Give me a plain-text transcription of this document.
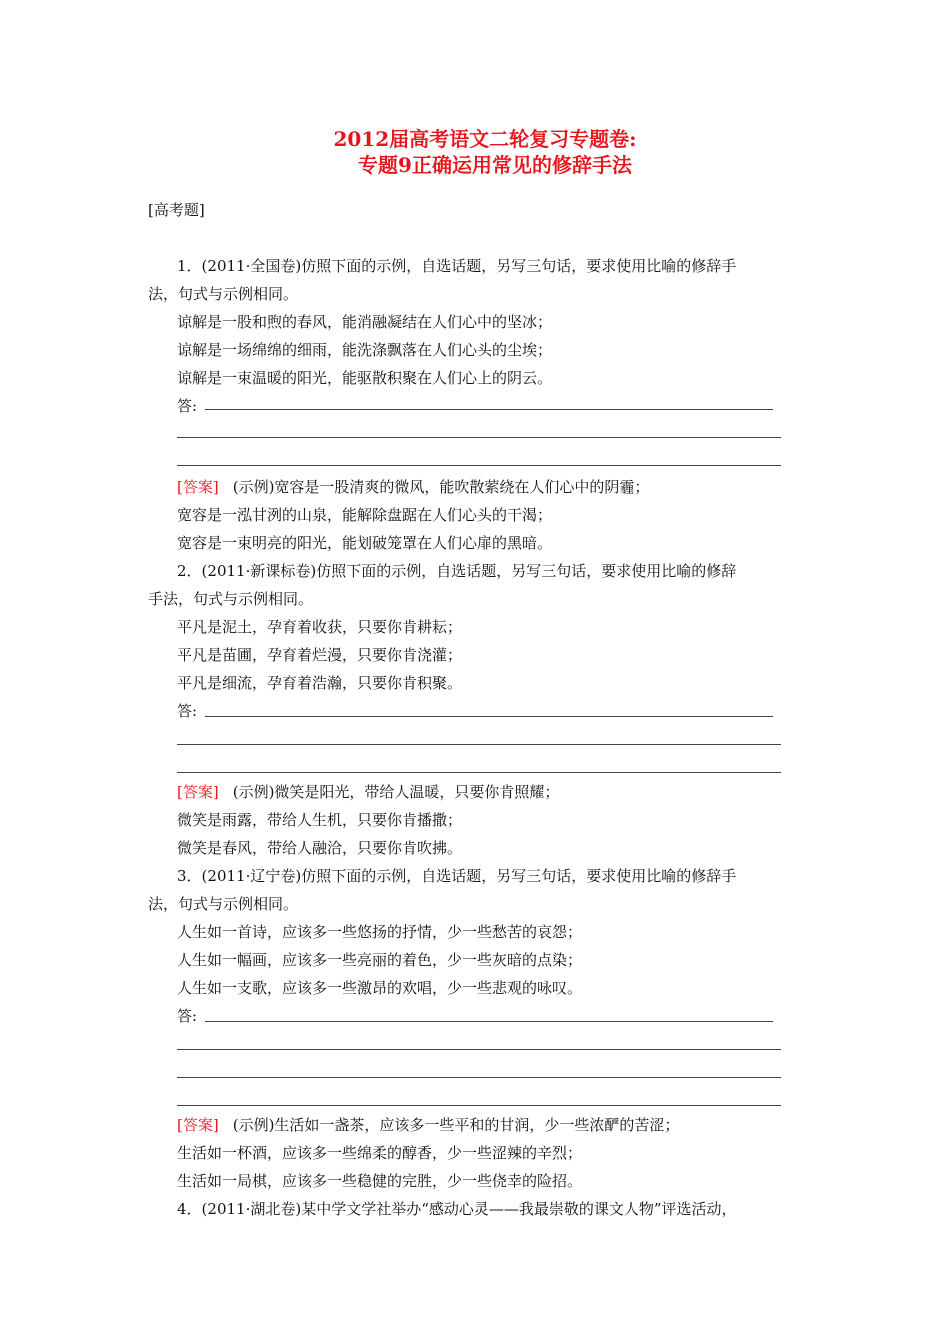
2012届高考语文二轮复习专题卷:
专题9正确运用常见的修辞手法
[高考题]
1．(2011·全国卷)仿照下面的示例，自选话题，另写三句话，要求使用比喻的修辞手
法，句式与示例相同。
谅解是一股和煦的春风，能消融凝结在人们心中的坚冰；
谅解是一场绵绵的细雨，能洗涤飘落在人们心头的尘埃；
谅解是一束温暖的阳光，能驱散积聚在人们心上的阴云。
答:
[答案] (示例)宽容是一股清爽的微风，能吹散萦绕在人们心中的阴霾；
宽容是一泓甘洌的山泉，能解除盘踞在人们心头的干渴；
宽容是一束明亮的阳光，能划破笼罩在人们心扉的黑暗。
2．(2011·新课标卷)仿照下面的示例，自选话题，另写三句话，要求使用比喻的修辞
手法，句式与示例相同。
平凡是泥土，孕育着收获，只要你肯耕耘；
平凡是苗圃，孕育着烂漫，只要你肯浇灌；
平凡是细流，孕育着浩瀚，只要你肯积聚。
答:
[答案] (示例)微笑是阳光，带给人温暖，只要你肯照耀；
微笑是雨露，带给人生机，只要你肯播撒；
微笑是春风，带给人融洽，只要你肯吹拂。
3．(2011·辽宁卷)仿照下面的示例，自选话题，另写三句话，要求使用比喻的修辞手
法，句式与示例相同。
人生如一首诗，应该多一些悠扬的抒情，少一些愁苦的哀怨；
人生如一幅画，应该多一些亮丽的着色，少一些灰暗的点染；
人生如一支歌，应该多一些激昂的欢唱，少一些悲观的咏叹。
答:
[答案] (示例)生活如一盏茶，应该多一些平和的甘润，少一些浓酽的苦涩；
生活如一杯酒，应该多一些绵柔的醇香，少一些涩辣的辛烈；
生活如一局棋，应该多一些稳健的完胜，少一些侥幸的险招。
4．(2011·湖北卷)某中学文学社举办“感动心灵——我最崇敬的课文人物”评选活动，
